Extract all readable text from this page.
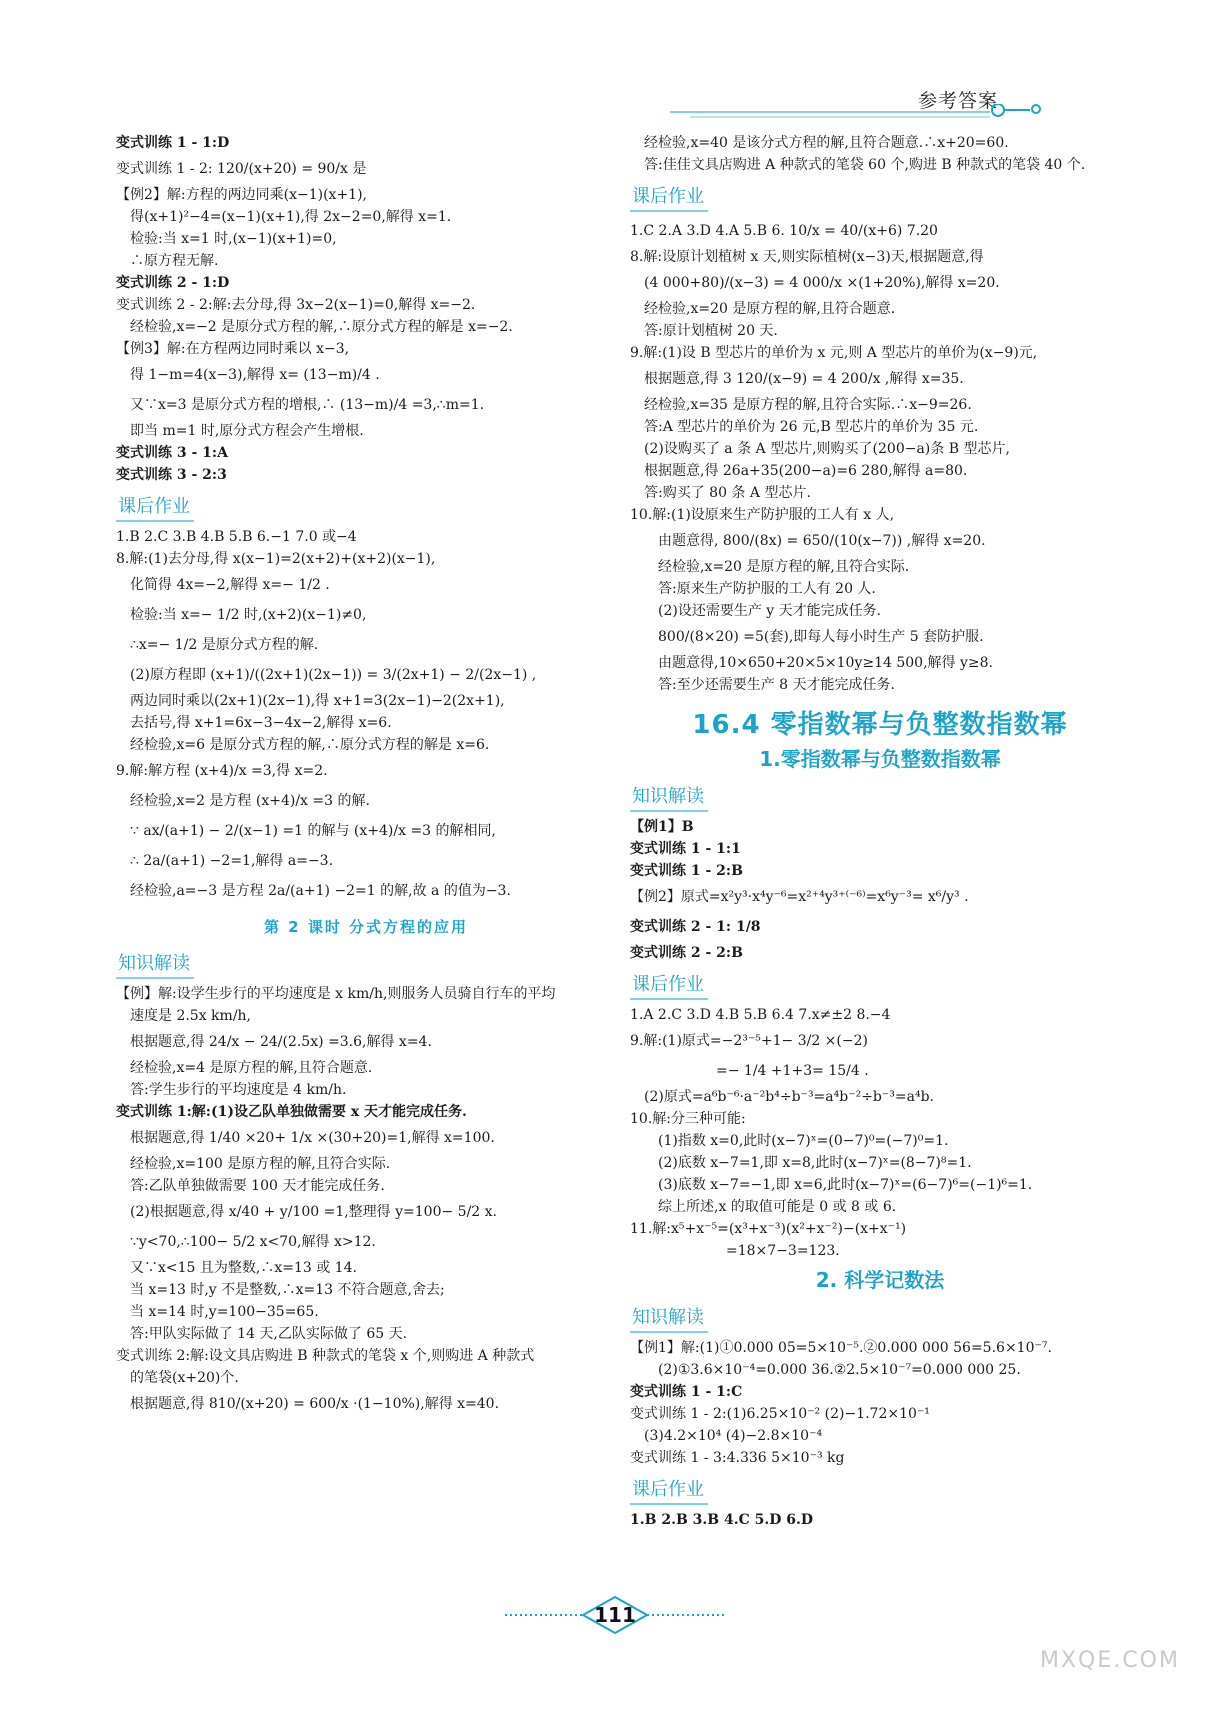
参考答案
变式训练 1 - 1:D
变式训练 1 - 2: 120/(x+20) = 90/x 是
【例2】解:方程的两边同乘(x−1)(x+1),
得(x+1)²−4=(x−1)(x+1),得 2x−2=0,解得 x=1.
检验:当 x=1 时,(x−1)(x+1)=0,
∴原方程无解.
变式训练 2 - 1:D
变式训练 2 - 2:解:去分母,得 3x−2(x−1)=0,解得 x=−2.
经检验,x=−2 是原分式方程的解,∴原分式方程的解是 x=−2.
【例3】解:在方程两边同时乘以 x−3,
得 1−m=4(x−3),解得 x= (13−m)/4 .
又∵x=3 是原分式方程的增根,∴ (13−m)/4 =3,∴m=1.
即当 m=1 时,原分式方程会产生增根.
变式训练 3 - 1:A
变式训练 3 - 2:3
课后作业
1.B 2.C 3.B 4.B 5.B 6.−1 7.0 或−4
8.解:(1)去分母,得 x(x−1)=2(x+2)+(x+2)(x−1),
化简得 4x=−2,解得 x=− 1/2 .
检验:当 x=− 1/2 时,(x+2)(x−1)≠0,
∴x=− 1/2 是原分式方程的解.
(2)原方程即 (x+1)/((2x+1)(2x−1)) = 3/(2x+1) − 2/(2x−1) ,
两边同时乘以(2x+1)(2x−1),得 x+1=3(2x−1)−2(2x+1),
去括号,得 x+1=6x−3−4x−2,解得 x=6.
经检验,x=6 是原分式方程的解,∴原分式方程的解是 x=6.
9.解:解方程 (x+4)/x =3,得 x=2.
经检验,x=2 是方程 (x+4)/x =3 的解.
∵ ax/(a+1) − 2/(x−1) =1 的解与 (x+4)/x =3 的解相同,
∴ 2a/(a+1) −2=1,解得 a=−3.
经检验,a=−3 是方程 2a/(a+1) −2=1 的解,故 a 的值为−3.
第 2 课时 分式方程的应用
知识解读
【例】解:设学生步行的平均速度是 x km/h,则服务人员骑自行车的平均
速度是 2.5x km/h,
根据题意,得 24/x − 24/(2.5x) =3.6,解得 x=4.
经检验,x=4 是原方程的解,且符合题意.
答:学生步行的平均速度是 4 km/h.
变式训练 1:解:(1)设乙队单独做需要 x 天才能完成任务.
根据题意,得 1/40 ×20+ 1/x ×(30+20)=1,解得 x=100.
经检验,x=100 是原方程的解,且符合实际.
答:乙队单独做需要 100 天才能完成任务.
(2)根据题意,得 x/40 + y/100 =1,整理得 y=100− 5/2 x.
∵y<70,∴100− 5/2 x<70,解得 x>12.
又∵x<15 且为整数,∴x=13 或 14.
当 x=13 时,y 不是整数,∴x=13 不符合题意,舍去;
当 x=14 时,y=100−35=65.
答:甲队实际做了 14 天,乙队实际做了 65 天.
变式训练 2:解:设文具店购进 B 种款式的笔袋 x 个,则购进 A 种款式
的笔袋(x+20)个.
根据题意,得 810/(x+20) = 600/x ·(1−10%),解得 x=40.
经检验,x=40 是该分式方程的解,且符合题意.∴x+20=60.
答:佳佳文具店购进 A 种款式的笔袋 60 个,购进 B 种款式的笔袋 40 个.
课后作业
1.C 2.A 3.D 4.A 5.B 6. 10/x = 40/(x+6) 7.20
8.解:设原计划植树 x 天,则实际植树(x−3)天,根据题意,得
(4 000+80)/(x−3) = 4 000/x ×(1+20%),解得 x=20.
经检验,x=20 是原方程的解,且符合题意.
答:原计划植树 20 天.
9.解:(1)设 B 型芯片的单价为 x 元,则 A 型芯片的单价为(x−9)元,
根据题意,得 3 120/(x−9) = 4 200/x ,解得 x=35.
经检验,x=35 是原方程的解,且符合实际.∴x−9=26.
答:A 型芯片的单价为 26 元,B 型芯片的单价为 35 元.
(2)设购买了 a 条 A 型芯片,则购买了(200−a)条 B 型芯片,
根据题意,得 26a+35(200−a)=6 280,解得 a=80.
答:购买了 80 条 A 型芯片.
10.解:(1)设原来生产防护服的工人有 x 人,
由题意得, 800/(8x) = 650/(10(x−7)) ,解得 x=20.
经检验,x=20 是原方程的解,且符合实际.
答:原来生产防护服的工人有 20 人.
(2)设还需要生产 y 天才能完成任务.
800/(8×20) =5(套),即每人每小时生产 5 套防护服.
由题意得,10×650+20×5×10y≥14 500,解得 y≥8.
答:至少还需要生产 8 天才能完成任务.
16.4 零指数幂与负整数指数幂
1.零指数幂与负整数指数幂
知识解读
【例1】B
变式训练 1 - 1:1
变式训练 1 - 2:B
【例2】原式=x²y³·x⁴y⁻⁶=x²⁺⁴y³⁺⁽⁻⁶⁾=x⁶y⁻³= x⁶/y³ .
变式训练 2 - 1: 1/8
变式训练 2 - 2:B
课后作业
1.A 2.C 3.D 4.B 5.B 6.4 7.x≠±2 8.−4
9.解:(1)原式=−2³⁻⁵+1− 3/2 ×(−2)
=− 1/4 +1+3= 15/4 .
(2)原式=a⁶b⁻⁶·a⁻²b⁴÷b⁻³=a⁴b⁻²÷b⁻³=a⁴b.
10.解:分三种可能:
(1)指数 x=0,此时(x−7)ˣ=(0−7)⁰=(−7)⁰=1.
(2)底数 x−7=1,即 x=8,此时(x−7)ˣ=(8−7)⁸=1.
(3)底数 x−7=−1,即 x=6,此时(x−7)ˣ=(6−7)⁶=(−1)⁶=1.
综上所述,x 的取值可能是 0 或 8 或 6.
11.解:x⁵+x⁻⁵=(x³+x⁻³)(x²+x⁻²)−(x+x⁻¹)
=18×7−3=123.
2. 科学记数法
知识解读
【例1】解:(1)①0.000 05=5×10⁻⁵.②0.000 000 56=5.6×10⁻⁷.
(2)①3.6×10⁻⁴=0.000 36.②2.5×10⁻⁷=0.000 000 25.
变式训练 1 - 1:C
变式训练 1 - 2:(1)6.25×10⁻² (2)−1.72×10⁻¹
(3)4.2×10⁴ (4)−2.8×10⁻⁴
变式训练 1 - 3:4.336 5×10⁻³ kg
课后作业
1.B 2.B 3.B 4.C 5.D 6.D
111
MXQE.COM
